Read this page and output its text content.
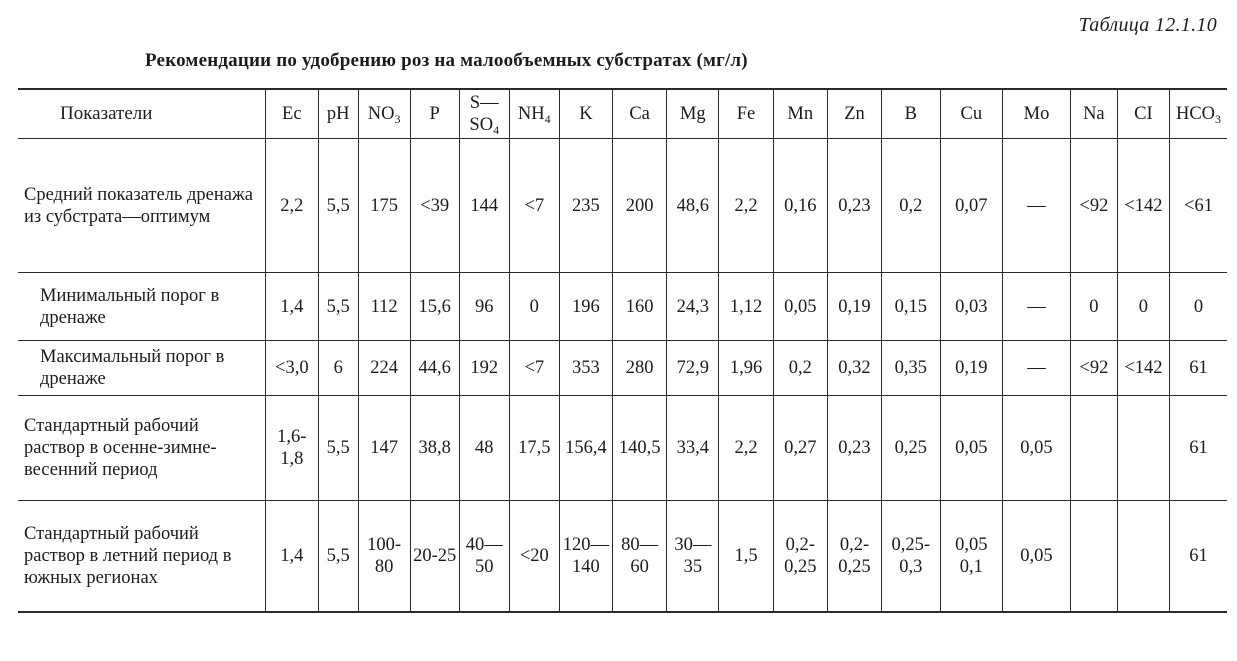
Таблица 12.1.10
Рекомендации по удобрению роз на малообъемных субстратах (мг/л)
Показатели	Ec	pH	$NO_3$	P	$S—SO_4$	$NH_4$	K	Ca	Mg	Fe	Mn	Zn	B	Cu	Mo	Na	CI	$HCO_3$
Средний показатель дренажа из субстрата—оптимум	2,2	5,5	175	<39	144	<7	235	200	48,6	2,2	0,16	0,23	0,2	0,07	—	<92	<142	<61
Минимальный порог в дренаже	1,4	5,5	112	15,6	96	0	196	160	24,3	1,12	0,05	0,19	0,15	0,03	—	0	0	0
Максимальный порог в дренаже	<3,0	6	224	44,6	192	<7	353	280	72,9	1,96	0,2	0,32	0,35	0,19	—	<92	<142	61
Стандартный рабочий раствор в осенне-зимне-весенний период	1,6-1,8	5,5	147	38,8	48	17,5	156,4	140,5	33,4	2,2	0,27	0,23	0,25	0,05	0,05			61
Стандартный рабочий раствор в летний период в южных регионах	1,4	5,5	100-80	20-25	40—50	<20	120—140	80—60	30—35	1,5	0,2-0,25	0,2-0,25	0,25-0,3	0,05 0,1	0,05			61
